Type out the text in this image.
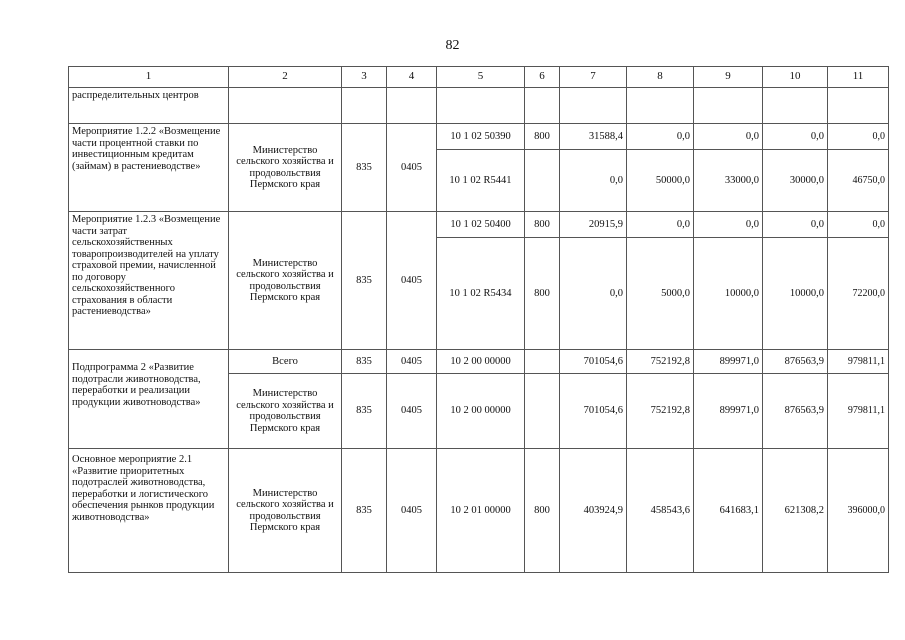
82
1	2	3	4	5	6	7	8	9	10	11
распределительных центров										
Мероприятие 1.2.2 «Возмещение части процентной ставки по инвестиционным кредитам (займам) в растениеводстве»	Министерство сельского хозяйства и продовольствия Пермского края	835	0405	10 1 02 50390	800	31588,4	0,0	0,0	0,0	0,0
				10 1 02 R5441		0,0	50000,0	33000,0	30000,0	46750,0
Мероприятие 1.2.3 «Возмещение части затрат сельскохозяйственных товаропроизводителей на уплату страховой премии, начисленной по договору сельскохозяйственного страхования в области растениеводства»	Министерство сельского хозяйства и продовольствия Пермского края	835	0405	10 1 02 50400	800	20915,9	0,0	0,0	0,0	0,0
				10 1 02 R5434	800	0,0	5000,0	10000,0	10000,0	72200,0
Подпрограмма 2 «Развитие подотрасли животноводства, переработки и реализации продукции животноводства»	Всего	835	0405	10 2 00 00000		701054,6	752192,8	899971,0	876563,9	979811,1
	Министерство сельского хозяйства и продовольствия Пермского края	835	0405	10 2 00 00000		701054,6	752192,8	899971,0	876563,9	979811,1
Основное мероприятие 2.1 «Развитие приоритетных подотраслей животноводства, переработки и логистического обеспечения рынков продукции животноводства»	Министерство сельского хозяйства и продовольствия Пермского края	835	0405	10 2 01 00000	800	403924,9	458543,6	641683,1	621308,2	396000,0
